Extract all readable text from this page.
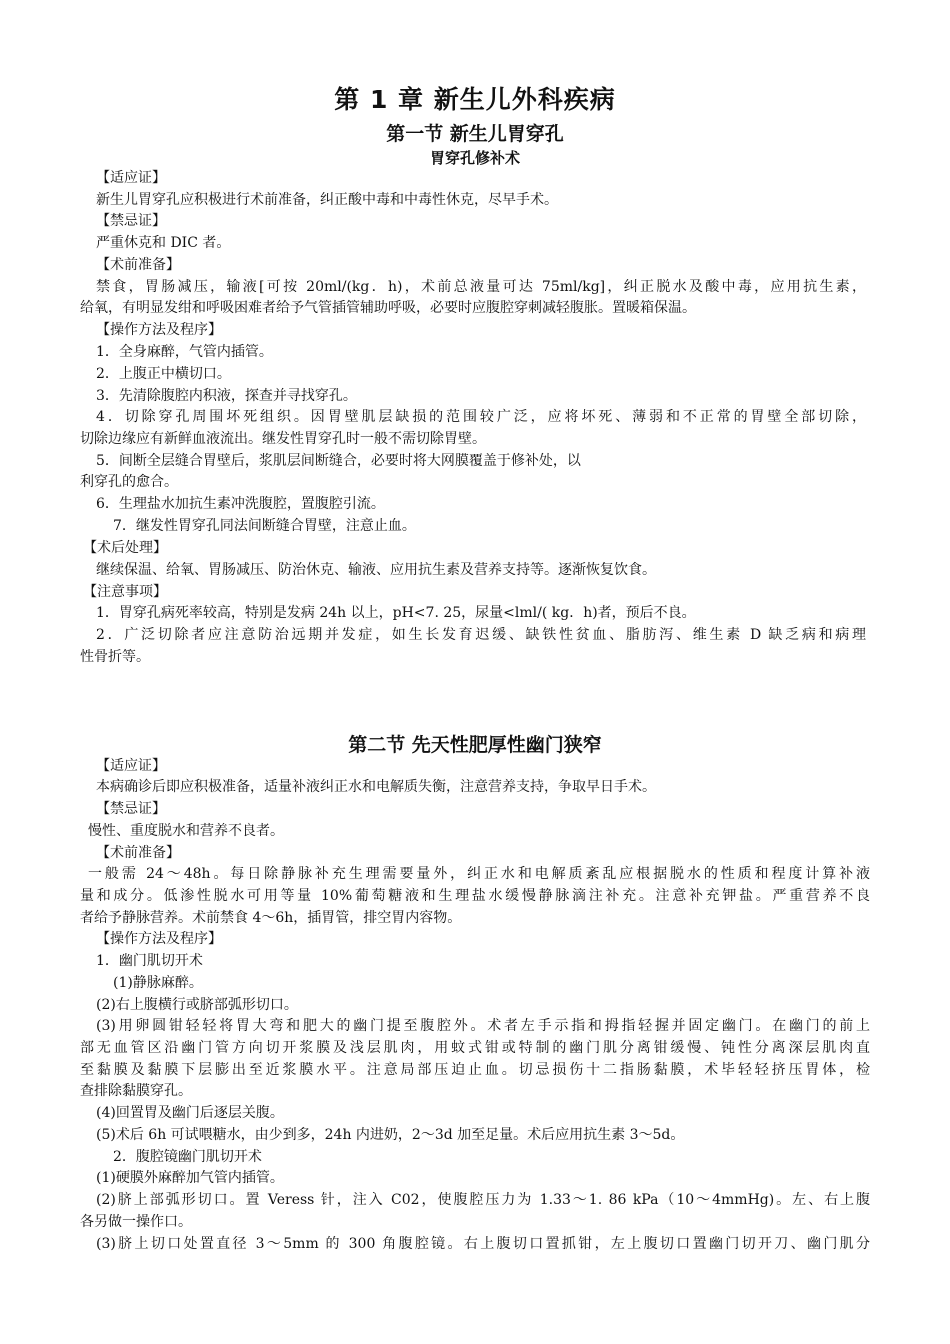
第 1 章 新生儿外科疾病
第一节 新生儿胃穿孔
胃穿孔修补术
【适应证】
新生儿胃穿孔应积极进行术前准备，纠正酸中毒和中毒性休克，尽早手术。
【禁忌证】
严重休克和 DIC 者。
【术前准备】
禁食，胃肠减压，输液[可按 20ml/(kg．h)，术前总液量可达 75ml/kg]，纠正脱水及酸中毒，应用抗生素，
给氧，有明显发绀和呼吸困难者给予气管插管辅助呼吸，必要时应腹腔穿刺减轻腹胀。置暖箱保温。
【操作方法及程序】
1．全身麻醉，气管内插管。
2．上腹正中横切口。
3．先清除腹腔内积液，探查并寻找穿孔。
4．切除穿孔周围坏死组织。因胃壁肌层缺损的范围较广泛，应将坏死、薄弱和不正常的胃壁全部切除，
切除边缘应有新鲜血液流出。继发性胃穿孔时一般不需切除胃壁。
5．间断全层缝合胃壁后，浆肌层间断缝合，必要时将大网膜覆盖于修补处，以
利穿孔的愈合。
6．生理盐水加抗生素冲洗腹腔，置腹腔引流。
7．继发性胃穿孔同法间断缝合胃壁，注意止血。
【术后处理】
继续保温、给氧、胃肠减压、防治休克、输液、应用抗生素及营养支持等。逐渐恢复饮食。
【注意事项】
1．胃穿孔病死率较高，特别是发病 24h 以上，pH<7. 25，尿量<lml/( kg．h)者，预后不良。
2．广泛切除者应注意防治远期并发症，如生长发育迟缓、缺铁性贫血、脂肪泻、维生素 D 缺乏病和病理
性骨折等。
第二节 先天性肥厚性幽门狭窄
【适应证】
本病确诊后即应积极准备，适量补液纠正水和电解质失衡，注意营养支持，争取早日手术。
【禁忌证】
慢性、重度脱水和营养不良者。
【术前准备】
一般需 24～48h。每日除静脉补充生理需要量外，纠正水和电解质紊乱应根据脱水的性质和程度计算补液
量和成分。低渗性脱水可用等量 10%葡萄糖液和生理盐水缓慢静脉滴注补充。注意补充钾盐。严重营养不良
者给予静脉营养。术前禁食 4～6h，插胃管，排空胃内容物。
【操作方法及程序】
1．幽门肌切开术
(1)静脉麻醉。
(2)右上腹横行或脐部弧形切口。
(3)用卵圆钳轻轻将胃大弯和肥大的幽门提至腹腔外。术者左手示指和拇指轻握并固定幽门。在幽门的前上
部无血管区沿幽门管方向切开浆膜及浅层肌肉，用蚊式钳或特制的幽门肌分离钳缓慢、钝性分离深层肌肉直
至黏膜及黏膜下层膨出至近浆膜水平。注意局部压迫止血。切忌损伤十二指肠黏膜，术毕轻轻挤压胃体，检
查排除黏膜穿孔。
(4)回置胃及幽门后逐层关腹。
(5)术后 6h 可试喂糖水，由少到多，24h 内进奶，2～3d 加至足量。术后应用抗生素 3～5d。
2．腹腔镜幽门肌切开术
(1)硬膜外麻醉加气管内插管。
(2)脐上部弧形切口。置 Veress 针，注入 C02，使腹腔压力为 1.33～1. 86 kPa（10～4mmHg)。左、右上腹
各另做一操作口。
(3)脐上切口处置直径 3～5mm 的 300 角腹腔镜。右上腹切口置抓钳，左上腹切口置幽门切开刀、幽门肌分
